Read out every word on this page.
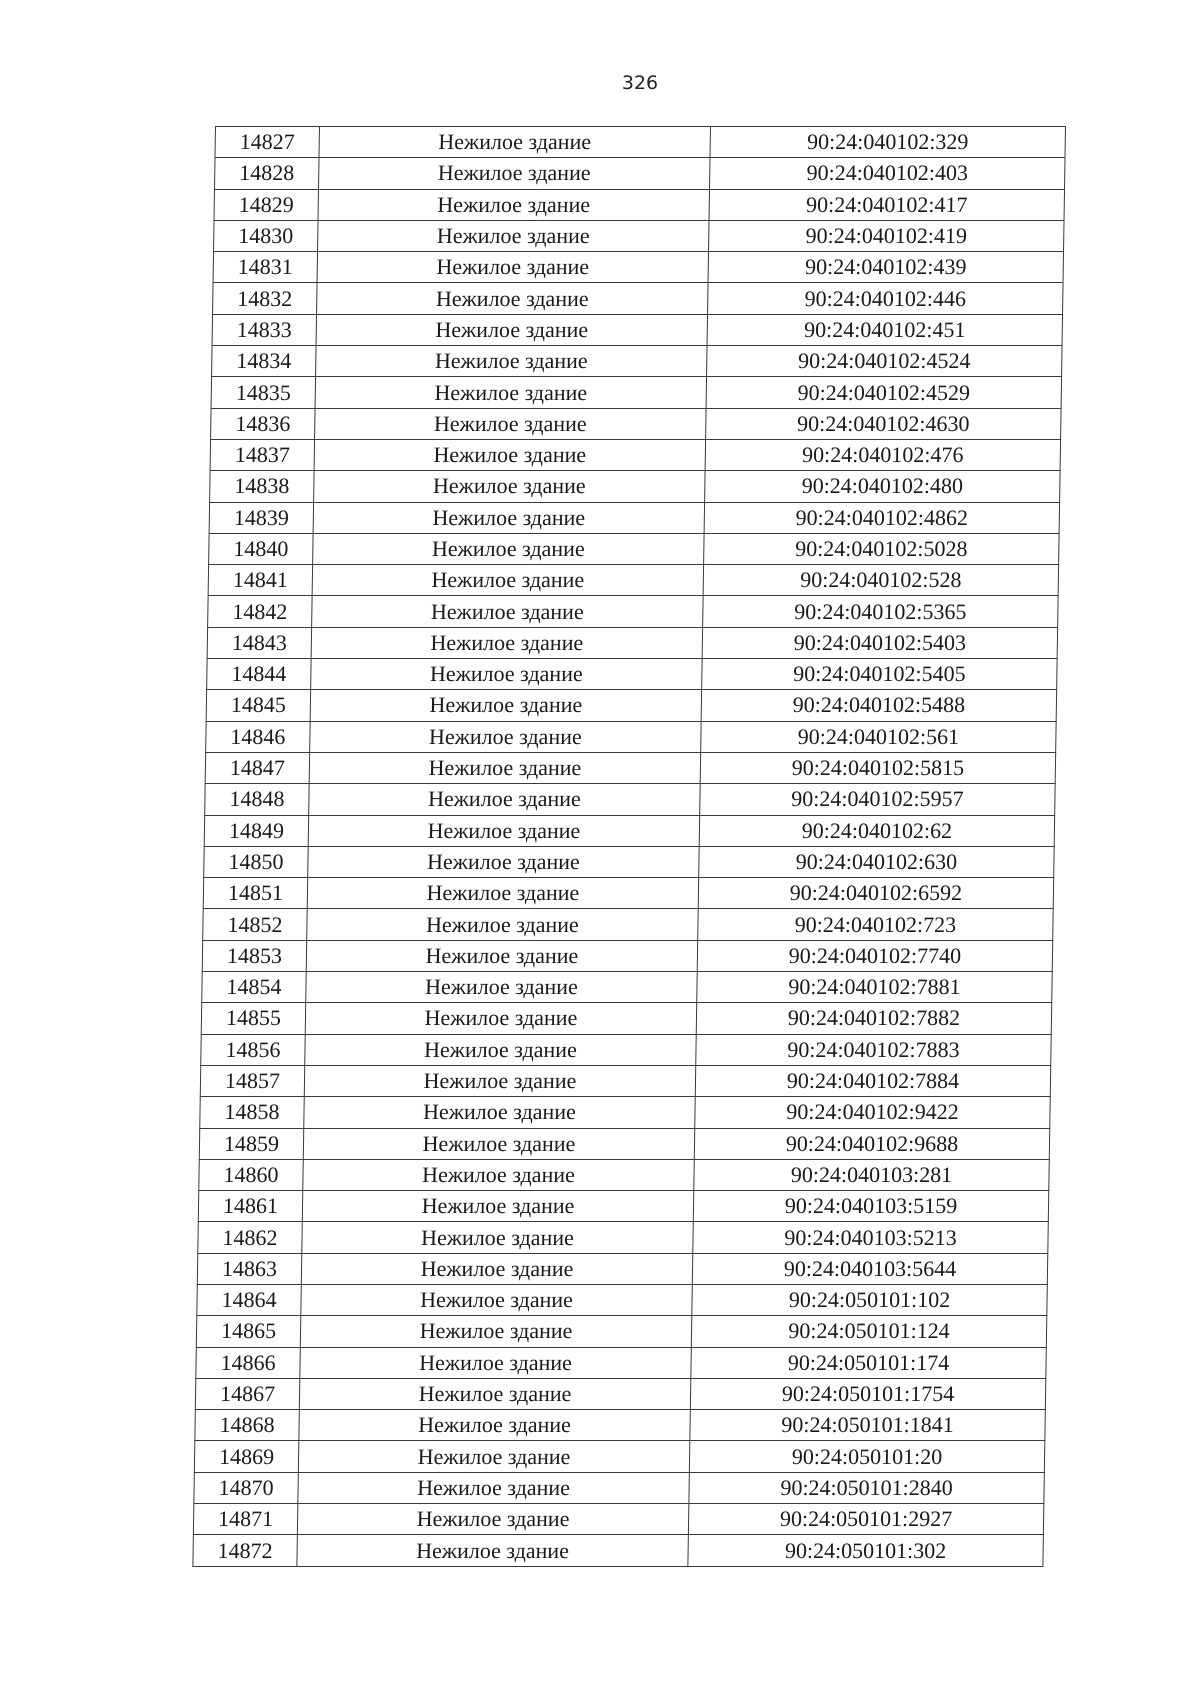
326
14827	Нежилое здание	90:24:040102:329
14828	Нежилое здание	90:24:040102:403
14829	Нежилое здание	90:24:040102:417
14830	Нежилое здание	90:24:040102:419
14831	Нежилое здание	90:24:040102:439
14832	Нежилое здание	90:24:040102:446
14833	Нежилое здание	90:24:040102:451
14834	Нежилое здание	90:24:040102:4524
14835	Нежилое здание	90:24:040102:4529
14836	Нежилое здание	90:24:040102:4630
14837	Нежилое здание	90:24:040102:476
14838	Нежилое здание	90:24:040102:480
14839	Нежилое здание	90:24:040102:4862
14840	Нежилое здание	90:24:040102:5028
14841	Нежилое здание	90:24:040102:528
14842	Нежилое здание	90:24:040102:5365
14843	Нежилое здание	90:24:040102:5403
14844	Нежилое здание	90:24:040102:5405
14845	Нежилое здание	90:24:040102:5488
14846	Нежилое здание	90:24:040102:561
14847	Нежилое здание	90:24:040102:5815
14848	Нежилое здание	90:24:040102:5957
14849	Нежилое здание	90:24:040102:62
14850	Нежилое здание	90:24:040102:630
14851	Нежилое здание	90:24:040102:6592
14852	Нежилое здание	90:24:040102:723
14853	Нежилое здание	90:24:040102:7740
14854	Нежилое здание	90:24:040102:7881
14855	Нежилое здание	90:24:040102:7882
14856	Нежилое здание	90:24:040102:7883
14857	Нежилое здание	90:24:040102:7884
14858	Нежилое здание	90:24:040102:9422
14859	Нежилое здание	90:24:040102:9688
14860	Нежилое здание	90:24:040103:281
14861	Нежилое здание	90:24:040103:5159
14862	Нежилое здание	90:24:040103:5213
14863	Нежилое здание	90:24:040103:5644
14864	Нежилое здание	90:24:050101:102
14865	Нежилое здание	90:24:050101:124
14866	Нежилое здание	90:24:050101:174
14867	Нежилое здание	90:24:050101:1754
14868	Нежилое здание	90:24:050101:1841
14869	Нежилое здание	90:24:050101:20
14870	Нежилое здание	90:24:050101:2840
14871	Нежилое здание	90:24:050101:2927
14872	Нежилое здание	90:24:050101:302
